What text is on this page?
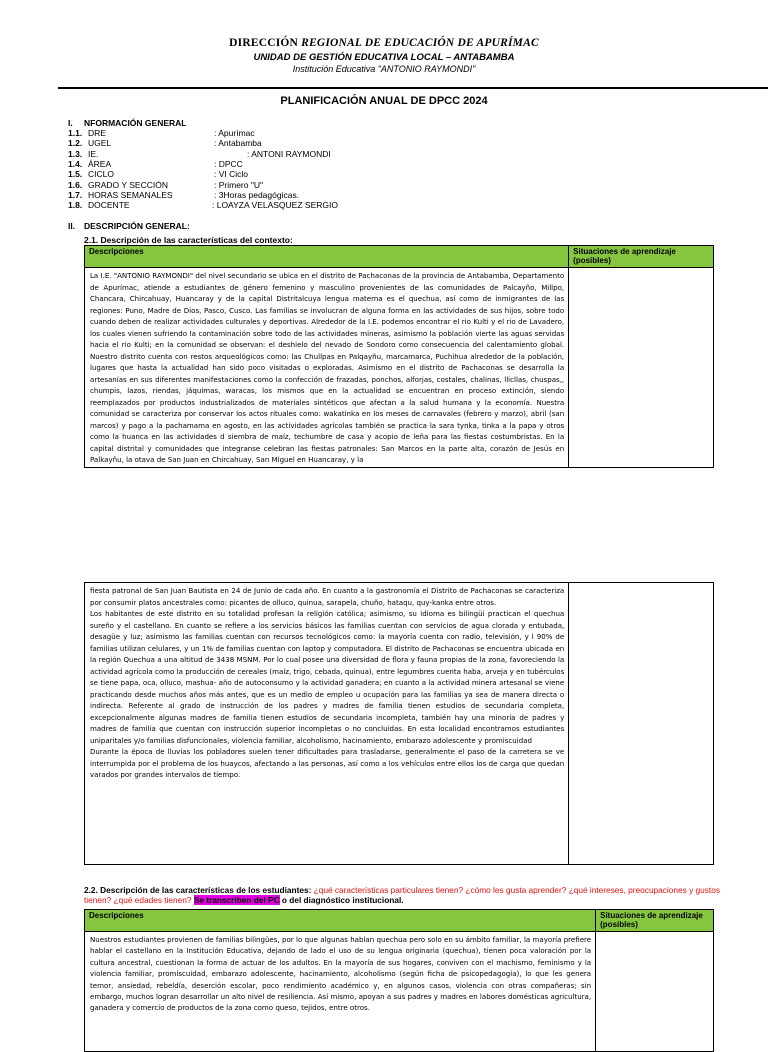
DIRECCIÓN REGIONAL DE EDUCACIÓN DE APURÍMAC
UNIDAD DE GESTIÓN EDUCATIVA LOCAL – ANTABAMBA
Institución Educativa "ANTONIO RAYMONDI"
PLANIFICACIÓN ANUAL DE DPCC 2024
I. NFORMACIÓN GENERAL
1.1. DRE	: Apurímac
1.2. UGEL	: Antabamba
1.3. IE.	: ANTONI RAYMONDI
1.4. ÁREA	: DPCC
1.5. CICLO	: VI Ciclo
1.6. GRADO Y SECCIÓN	: Primero "U"
1.7. HORAS SEMANALES	: 3Horas pedagógicas.
1.8. DOCENTE	: LOAYZA VELASQUEZ SERGIO
II. DESCRIPCIÓN GENERAL:
2.1. Descripción de las características del contexto:
Descripciones	Situaciones de aprendizaje (posibles)

La I.E. "ANTONIO RAYMONDI" del nivel secundario se ubica en el distrito de Pachaconas de la provincia de Antabamba, Departamento de Apurímac, atiende a estudiantes de género femenino y masculino provenientes de las comunidades de Palcayño, Millpo, Chancara, Chircahuay, Huancaray y de la capital Distritalcuya lengua materna es el quechua, así como de inmigrantes de las regiones: Puno, Madre de Dios, Pasco, Cusco. Las familias se involucran de alguna forma en las actividades de sus hijos, sobre todo cuando deben de realizar actividades culturales y deportivas. Alrededor de la I.E. podemos encontrar el rio Kulti y el rio de Lavadero, los cuales vienen sufriendo la contaminación sobre todo de las actividades mineras, asimismo la población vierte las aguas servidas hacia el rio Kulti; en la comunidad se observan: el deshielo del nevado de Sondoro como consecuencia del calentamiento global. Nuestro distrito cuenta con restos arqueológicos como: las Chullpas en Palqayñu, marcamarca, Puchihua alrededor de la población, lugares que hasta la actualidad han sido poco visitadas o exploradas. Asimismo en el distrito de Pachaconas se desarrolla la artesanías en sus diferentes manifestaciones como la confección de frazadas, ponchos, alforjas, costales, chalinas, llicllas, chuspas,, chumpis, lazos, riendas, jáquimas, waracas, los mismos que en la actualidad se encuentran en proceso extinción, siendo reemplazados por productos industrializados de materiales sintéticos que afectan a la salud humana y la economía. Nuestra comunidad se caracteriza por conservar los actos rituales como: wakatinka en los meses de carnavales (febrero y marzo), abril (san marcos) y pago a la pachamama en agosto, en las actividades agrícolas también se practica la sara tynka, tinka a la papa y otros como la huanca en las actividades d siembra de maíz, techumbre de casa y acopio de leña para las fiestas costumbristas. En la capital distrital y comunidades que integranse celebran las fiestas patronales: San Marcos en la parte alta, corazón de Jesús en Palkayñu, la otava de San Juan en Chircahuay, San Miguel en Huancaray, y la	

fiesta patronal de San Juan Bautista en 24 de Junio de cada año. En cuanto a la gastronomía el Distrito de Pachaconas se caracteriza por consumir platos ancestrales como: picantes de olluco, quinua, sarapela, chuño, hataqu, quy-kanka entre otros.
Los habitantes de este distrito en su totalidad profesan la religión católica; asimismo, su idioma es bilingüi practican el quechua sureño y el castellano. En cuanto se refiere a los servicios básicos las familias cuentan con servicios de agua clorada y entubada, desagüe y luz; asimismo las familias cuentan con recursos tecnológicos como: la mayoría cuenta con radio, televisión, y l 90% de familias utilizan celulares, y un 1% de familias cuentan con laptop y computadora. El distrito de Pachaconas se encuentra ubicada en la región Quechua a una altitud de 3438 MSNM. Por lo cual posee una diversidad de flora y fauna propias de la zona, favoreciendo la actividad agrícola como la producción de cereales (maíz, trigo, cebada, quinua), entre legumbres cuenta haba, arveja y en tubérculos se tiene papa, oca, olluco, mashua- año de autoconsumo y la actividad ganadera; en cuanto a la actividad minera artesanal se viene practicando desde muchos años más antes, que es un medio de empleo u ocupación para las familias ya sea de manera directa o indirecta. Referente al grado de instrucción de los padres y madres de familia tienen estudios de secundaria completa, excepcionalmente algunas madres de familia tienen estudios de secundaria incompleta, también hay una minoría de padres y madres de familia que cuentan con instrucción superior incompletas o no concluidas. En esta localidad encontramos estudiantes uniparitales y/o familias disfuncionales, violencia familiar, alcoholismo, hacinamiento, embarazo adolescente y promiscuidad
Durante la época de lluvias los pobladores suelen tener dificultades para trasladarse, generalmente el paso de la carretera se ve interrumpida por el problema de los huaycos, afectando a las personas, así como a los vehículos entre ellos los de carga que quedan varados por grandes intervalos de tiempo.

2.2. Descripción de las características de los estudiantes: ¿qué características particulares tienen? ¿cómo les gusta aprender? ¿qué intereses, preocupaciones y gustos tienen? ¿qué edades tienen? Se transcriben del PC o del diagnóstico institucional.
Descripciones	Situaciones de aprendizaje (posibles)

Nuestros estudiantes provienen de familias bilingües, por lo que algunas hablan quechua pero solo en su ámbito familiar, la mayoría prefiere hablar el castellano en la Institución Educativa, dejando de lado el uso de su lengua originaria (quechua), tienen poca valoración por la cultura ancestral, cuestionan la forma de actuar de los adultos. En la mayoría de sus hogares, conviven con el machismo, feminismo y la violencia familiar, promiscuidad, embarazo adolescente, hacinamiento, alcoholismo (según ficha de psicopedagogía), lo que les genera temor, ansiedad, rebeldía, deserción escolar, poco rendimiento académico y, en algunos casos, violencia con otras compañeras; sin embargo, muchos logran desarrollar un alto nivel de resiliencia. Así mismo, apoyan a sus padres y madres en labores domésticas agricultura, ganadera y comercio de productos de la zona como queso, tejidos, entre otros.	
